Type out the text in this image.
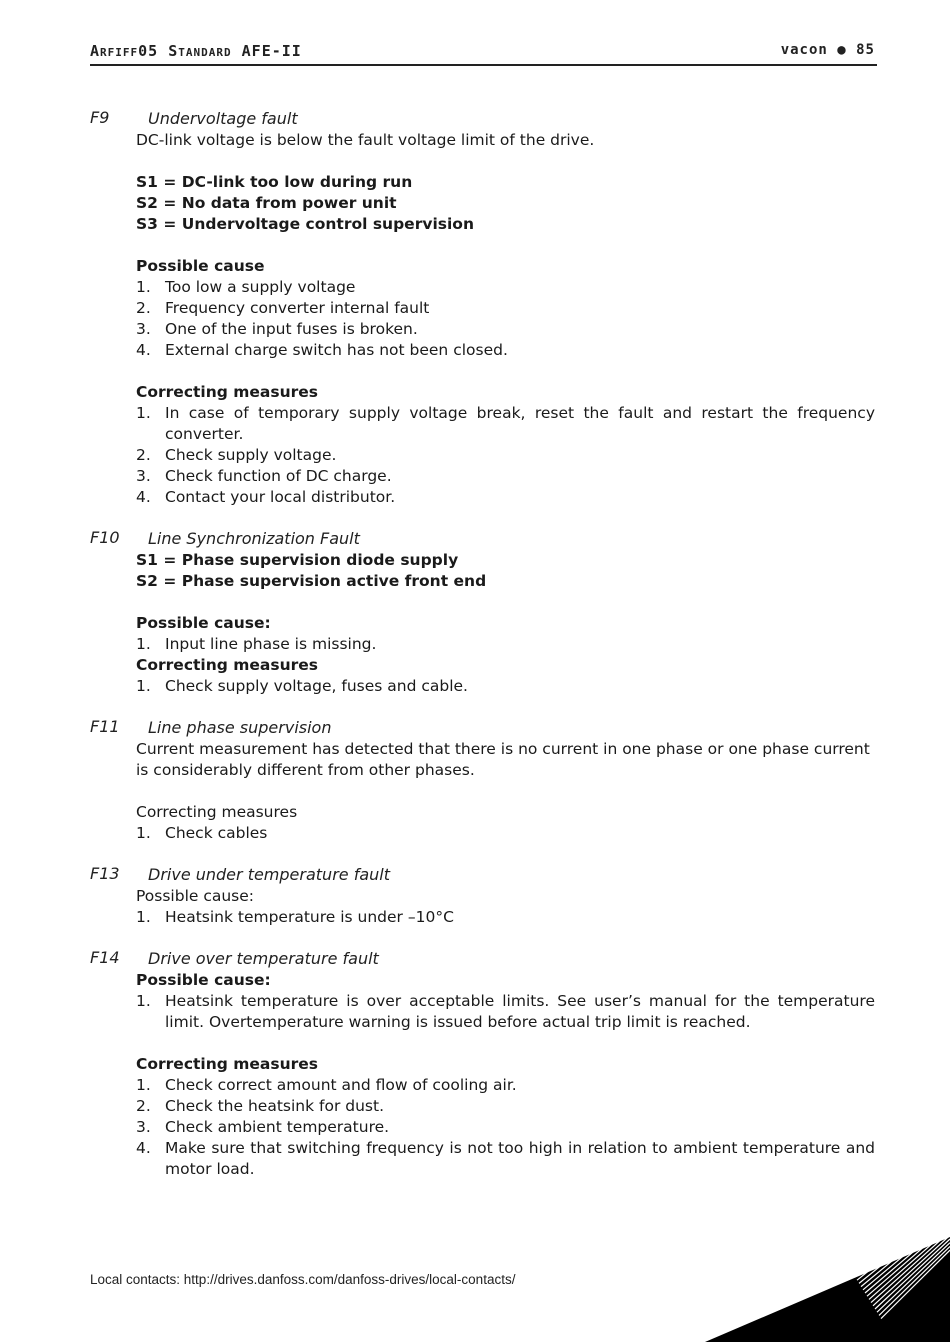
Arfiff05 Standard AFE-II	vacon ● 85
F9 Undervoltage fault
DC-link voltage is below the fault voltage limit of the drive.
S1 = DC-link too low during run
S2 = No data from power unit
S3 = Undervoltage control supervision
Possible cause
1. Too low a supply voltage
2. Frequency converter internal fault
3. One of the input fuses is broken.
4. External charge switch has not been closed.
Correcting measures
1. In case of temporary supply voltage break, reset the fault and restart the frequency converter.
2. Check supply voltage.
3. Check function of DC charge.
4. Contact your local distributor.
F10 Line Synchronization Fault
S1 = Phase supervision diode supply
S2 = Phase supervision active front end
Possible cause:
1. Input line phase is missing.
Correcting measures
1. Check supply voltage, fuses and cable.
F11 Line phase supervision
Current measurement has detected that there is no current in one phase or one phase current is considerably different from other phases.
Correcting measures
1. Check cables
F13 Drive under temperature fault
Possible cause:
1. Heatsink temperature is under –10°C
F14 Drive over temperature fault
Possible cause:
1. Heatsink temperature is over acceptable limits. See user’s manual for the temperature limit. Overtemperature warning is issued before actual trip limit is reached.
Correcting measures
1. Check correct amount and flow of cooling air.
2. Check the heatsink for dust.
3. Check ambient temperature.
4. Make sure that switching frequency is not too high in relation to ambient temperature and motor load.
Local contacts: http://drives.danfoss.com/danfoss-drives/local-contacts/
